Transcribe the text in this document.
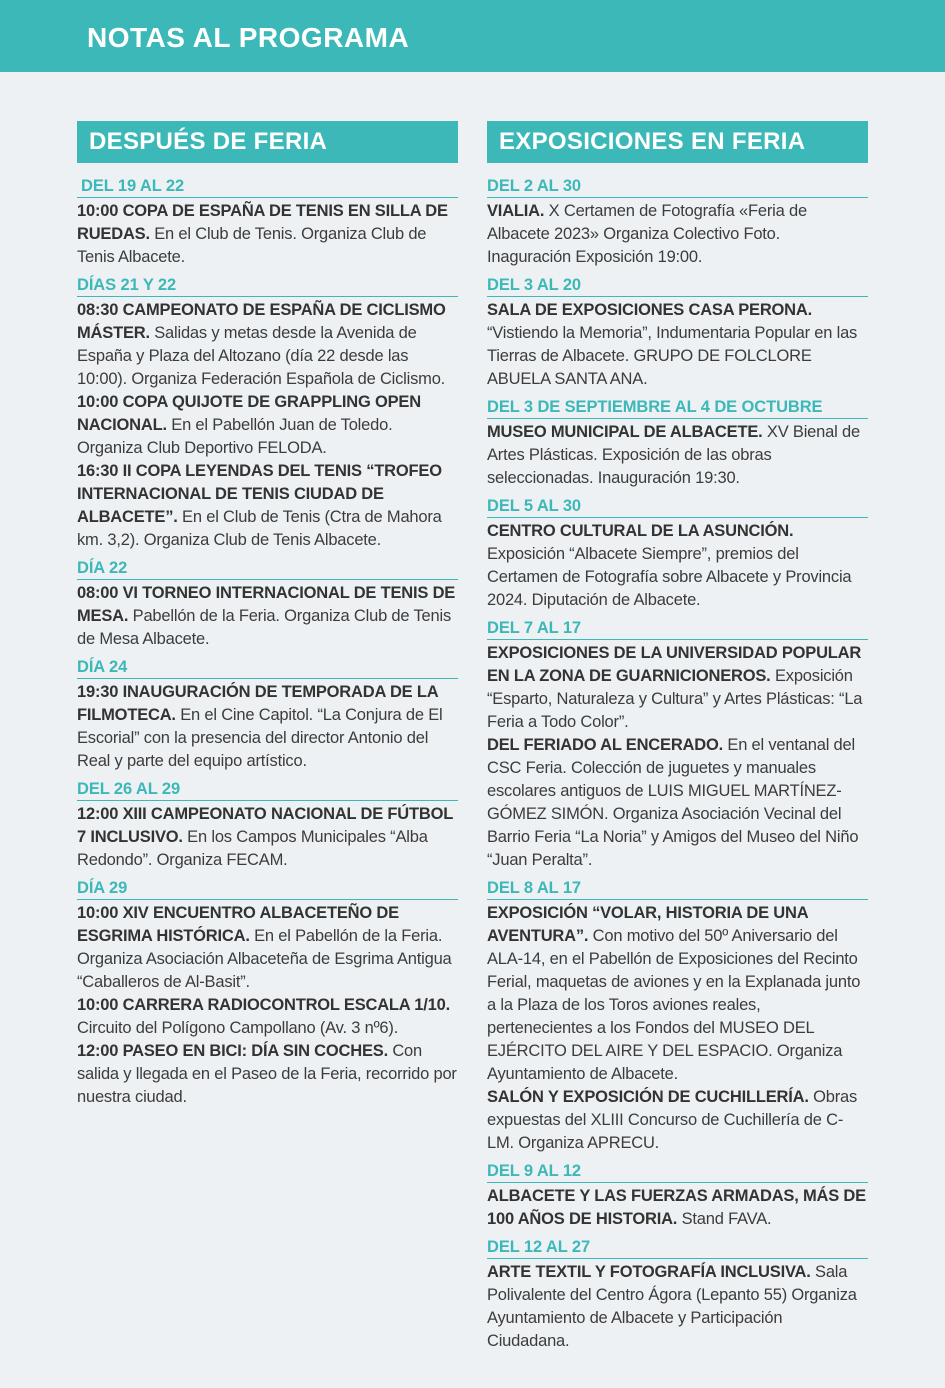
NOTAS AL PROGRAMA
DESPUÉS DE FERIA
DEL 19 AL 22
10:00 COPA DE ESPAÑA DE TENIS EN SILLA DE RUEDAS. En el Club de Tenis. Organiza Club de Tenis Albacete.
DÍAS 21 Y 22
08:30 CAMPEONATO DE ESPAÑA DE CICLISMO MÁSTER. Salidas y metas desde la Avenida de España y Plaza del Altozano (día 22 desde las 10:00). Organiza Federación Española de Ciclismo.
10:00 COPA QUIJOTE DE GRAPPLING OPEN NACIONAL. En el Pabellón Juan de Toledo. Organiza Club Deportivo FELODA.
16:30 II COPA LEYENDAS DEL TENIS “TROFEO INTERNACIONAL DE TENIS CIUDAD DE ALBACETE”. En el Club de Tenis (Ctra de Mahora km. 3,2). Organiza Club de Tenis Albacete.
DÍA 22
08:00 VI TORNEO INTERNACIONAL DE TENIS DE MESA. Pabellón de la Feria. Organiza Club de Tenis de Mesa Albacete.
DÍA 24
19:30 INAUGURACIÓN DE TEMPORADA DE LA FILMOTECA. En el Cine Capitol. “La Conjura de El Escorial” con la presencia del director Antonio del Real y parte del equipo artístico.
DEL 26 AL 29
12:00 XIII CAMPEONATO NACIONAL DE FÚTBOL 7 INCLUSIVO. En los Campos Municipales “Alba Redondo”. Organiza FECAM.
DÍA 29
10:00 XIV ENCUENTRO ALBACETEÑO DE ESGRIMA HISTÓRICA. En el Pabellón de la Feria. Organiza Asociación Albaceteña de Esgrima Antigua “Caballeros de Al-Basit”.
10:00 CARRERA RADIOCONTROL ESCALA 1/10. Circuito del Polígono Campollano (Av. 3 nº6).
12:00 PASEO EN BICI: DÍA SIN COCHES. Con salida y llegada en el Paseo de la Feria, recorrido por nuestra ciudad.
EXPOSICIONES EN FERIA
DEL 2 AL 30
VIALIA. X Certamen de Fotografía «Feria de Albacete 2023» Organiza Colectivo Foto. Inaguración Exposición 19:00.
DEL 3 AL 20
SALA DE EXPOSICIONES CASA PERONA. “Vistiendo la Memoria”, Indumentaria Popular en las Tierras de Albacete. GRUPO DE FOLCLORE ABUELA SANTA ANA.
DEL 3 DE SEPTIEMBRE AL 4 DE OCTUBRE
MUSEO MUNICIPAL DE ALBACETE. XV Bienal de Artes Plásticas. Exposición de las obras seleccionadas. Inauguración 19:30.
DEL 5 AL 30
CENTRO CULTURAL DE LA ASUNCIÓN. Exposición “Albacete Siempre”, premios del Certamen de Fotografía sobre Albacete y Provincia 2024. Diputación de Albacete.
DEL 7 AL 17
EXPOSICIONES DE LA UNIVERSIDAD POPULAR EN LA ZONA DE GUARNICIONEROS. Exposición “Esparto, Naturaleza y Cultura” y Artes Plásticas: “La Feria a Todo Color”.
DEL FERIADO AL ENCERADO. En el ventanal del CSC Feria. Colección de juguetes y manuales escolares antiguos de LUIS MIGUEL MARTÍNEZ-GÓMEZ SIMÓN. Organiza Asociación Vecinal del Barrio Feria “La Noria” y Amigos del Museo del Niño “Juan Peralta”.
DEL 8 AL 17
EXPOSICIÓN “VOLAR, HISTORIA DE UNA AVENTURA”. Con motivo del 50º Aniversario del ALA-14, en el Pabellón de Exposiciones del Recinto Ferial, maquetas de aviones y en la Explanada junto a la Plaza de los Toros aviones reales, pertenecientes a los Fondos del MUSEO DEL EJÉRCITO DEL AIRE Y DEL ESPACIO. Organiza Ayuntamiento de Albacete.
SALÓN Y EXPOSICIÓN DE CUCHILLERÍA. Obras expuestas del XLIII Concurso de Cuchillería de C-LM. Organiza APRECU.
DEL 9 AL 12
ALBACETE Y LAS FUERZAS ARMADAS, MÁS DE 100 AÑOS DE HISTORIA. Stand FAVA.
DEL 12 AL 27
ARTE TEXTIL Y FOTOGRAFÍA INCLUSIVA. Sala Polivalente del Centro Ágora (Lepanto 55) Organiza Ayuntamiento de Albacete y Participación Ciudadana.
